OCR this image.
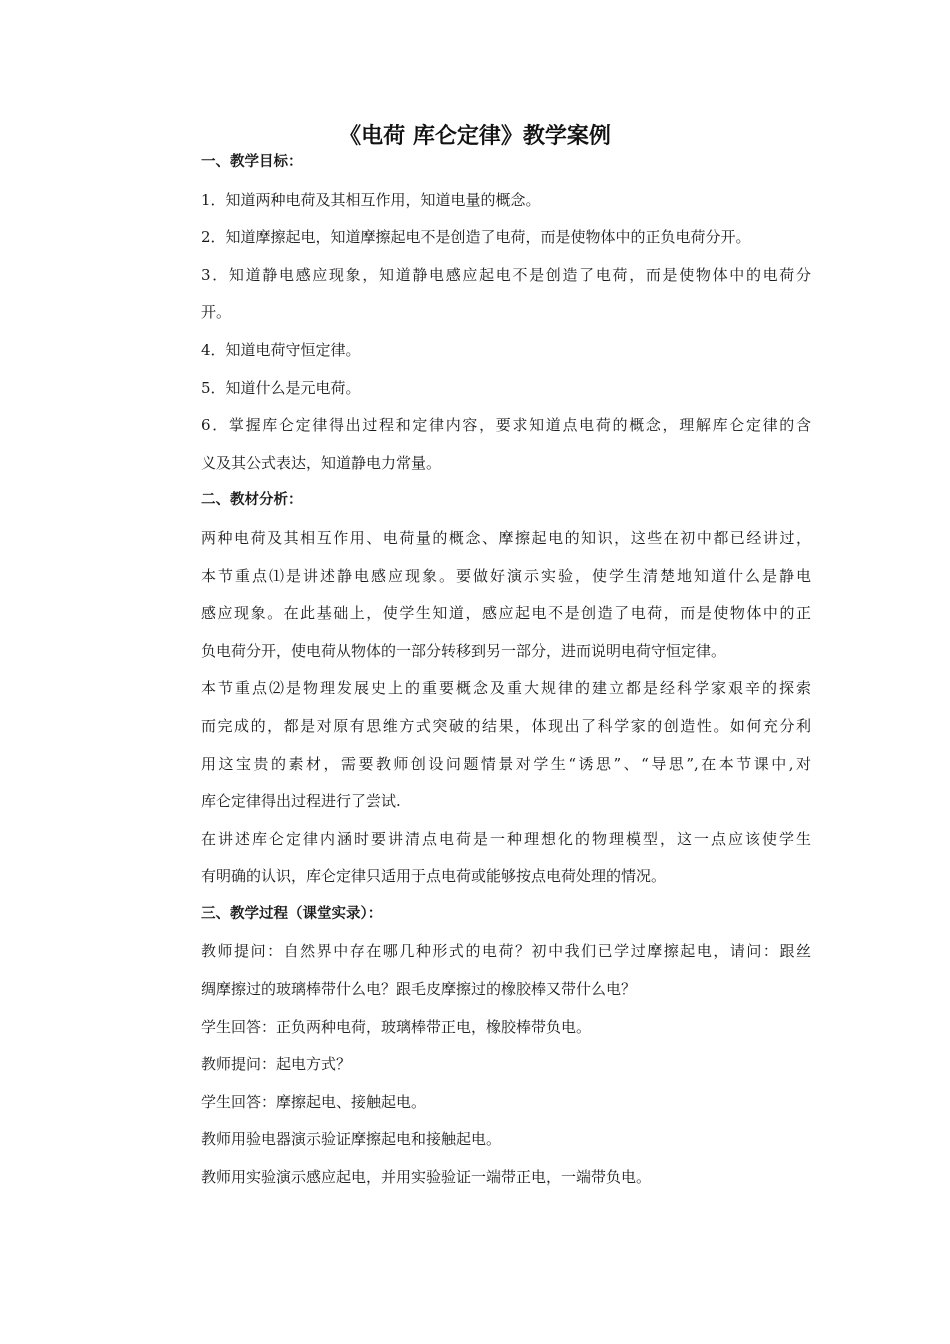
《电荷 库仑定律》教学案例
一、教学目标：
1．知道两种电荷及其相互作用，知道电量的概念。
2．知道摩擦起电，知道摩擦起电不是创造了电荷，而是使物体中的正负电荷分开。
3．知道静电感应现象，知道静电感应起电不是创造了电荷，而是使物体中的电荷分
开。
4．知道电荷守恒定律。
5．知道什么是元电荷。
6．掌握库仑定律得出过程和定律内容，要求知道点电荷的概念，理解库仑定律的含
义及其公式表达，知道静电力常量。
二、教材分析：
两种电荷及其相互作用、电荷量的概念、摩擦起电的知识，这些在初中都已经讲过，
本节重点⑴是讲述静电感应现象。要做好演示实验，使学生清楚地知道什么是静电
感应现象。在此基础上，使学生知道，感应起电不是创造了电荷，而是使物体中的正
负电荷分开，使电荷从物体的一部分转移到另一部分，进而说明电荷守恒定律。
本节重点⑵是物理发展史上的重要概念及重大规律的建立都是经科学家艰辛的探索
而完成的，都是对原有思维方式突破的结果，体现出了科学家的创造性。如何充分利
用这宝贵的素材，需要教师创设问题情景对学生“诱思”、“导思”,在本节课中,对
库仑定律得出过程进行了尝试.
在讲述库仑定律内涵时要讲清点电荷是一种理想化的物理模型，这一点应该使学生
有明确的认识，库仑定律只适用于点电荷或能够按点电荷处理的情况。
三、教学过程（课堂实录）：
教师提问：自然界中存在哪几种形式的电荷？初中我们已学过摩擦起电，请问：跟丝
绸摩擦过的玻璃棒带什么电？跟毛皮摩擦过的橡胶棒又带什么电？
学生回答：正负两种电荷，玻璃棒带正电，橡胶棒带负电。
教师提问：起电方式？
学生回答：摩擦起电、接触起电。
教师用验电器演示验证摩擦起电和接触起电。
教师用实验演示感应起电，并用实验验证一端带正电，一端带负电。
